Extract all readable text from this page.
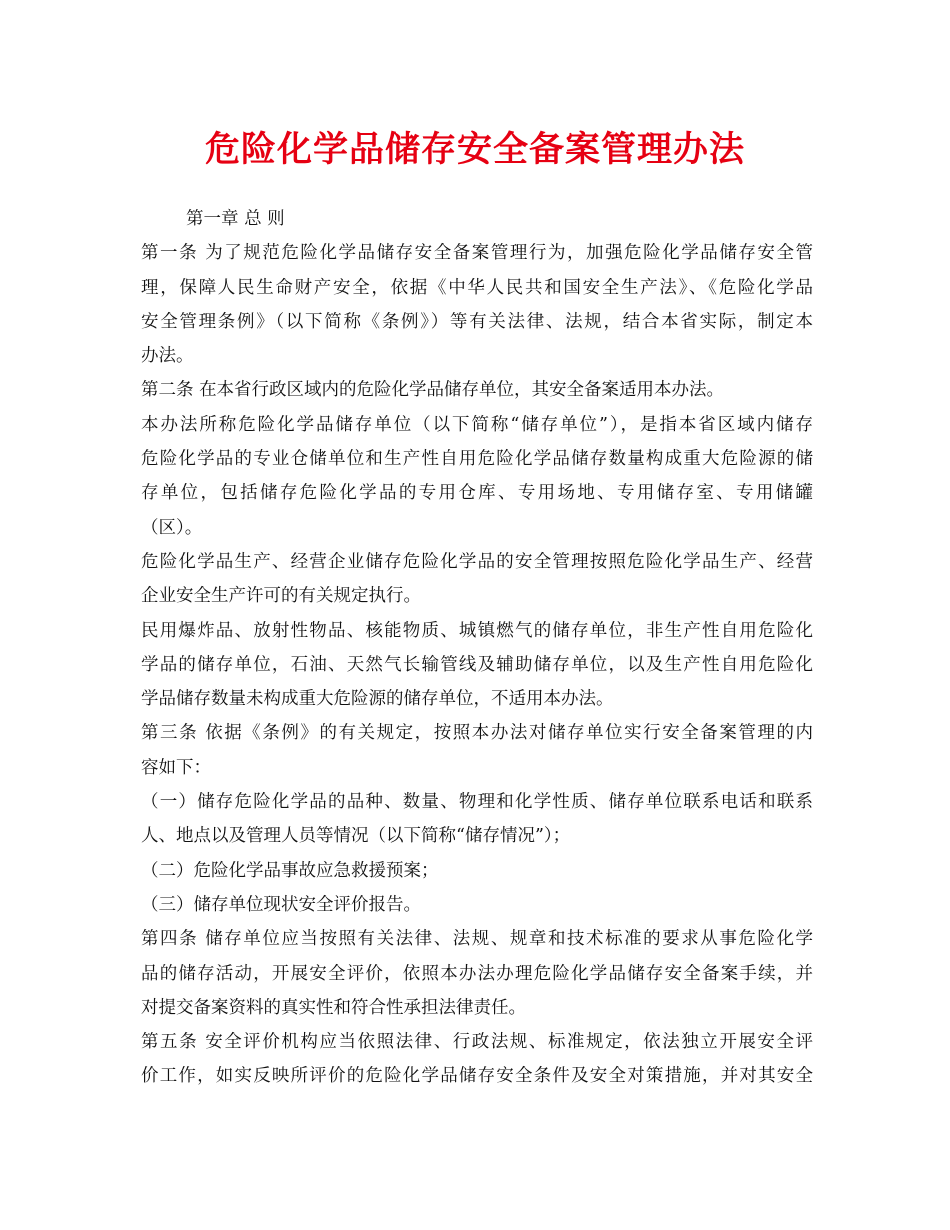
危险化学品储存安全备案管理办法
第一章 总 则
第一条 为了规范危险化学品储存安全备案管理行为，加强危险化学品储存安全管
理，保障人民生命财产安全，依据《中华人民共和国安全生产法》、《危险化学品
安全管理条例》（以下简称《条例》）等有关法律、法规，结合本省实际，制定本
办法。
第二条 在本省行政区域内的危险化学品储存单位，其安全备案适用本办法。
本办法所称危险化学品储存单位（以下简称“储存单位”），是指本省区域内储存
危险化学品的专业仓储单位和生产性自用危险化学品储存数量构成重大危险源的储
存单位，包括储存危险化学品的专用仓库、专用场地、专用储存室、专用储罐
（区）。
危险化学品生产、经营企业储存危险化学品的安全管理按照危险化学品生产、经营
企业安全生产许可的有关规定执行。
民用爆炸品、放射性物品、核能物质、城镇燃气的储存单位，非生产性自用危险化
学品的储存单位，石油、天然气长输管线及辅助储存单位，以及生产性自用危险化
学品储存数量未构成重大危险源的储存单位，不适用本办法。
第三条 依据《条例》的有关规定，按照本办法对储存单位实行安全备案管理的内
容如下：
（一）储存危险化学品的品种、数量、物理和化学性质、储存单位联系电话和联系
人、地点以及管理人员等情况（以下简称“储存情况”）；
（二）危险化学品事故应急救援预案；
（三）储存单位现状安全评价报告。
第四条 储存单位应当按照有关法律、法规、规章和技术标准的要求从事危险化学
品的储存活动，开展安全评价，依照本办法办理危险化学品储存安全备案手续，并
对提交备案资料的真实性和符合性承担法律责任。
第五条 安全评价机构应当依照法律、行政法规、标准规定，依法独立开展安全评
价工作，如实反映所评价的危险化学品储存安全条件及安全对策措施，并对其安全
